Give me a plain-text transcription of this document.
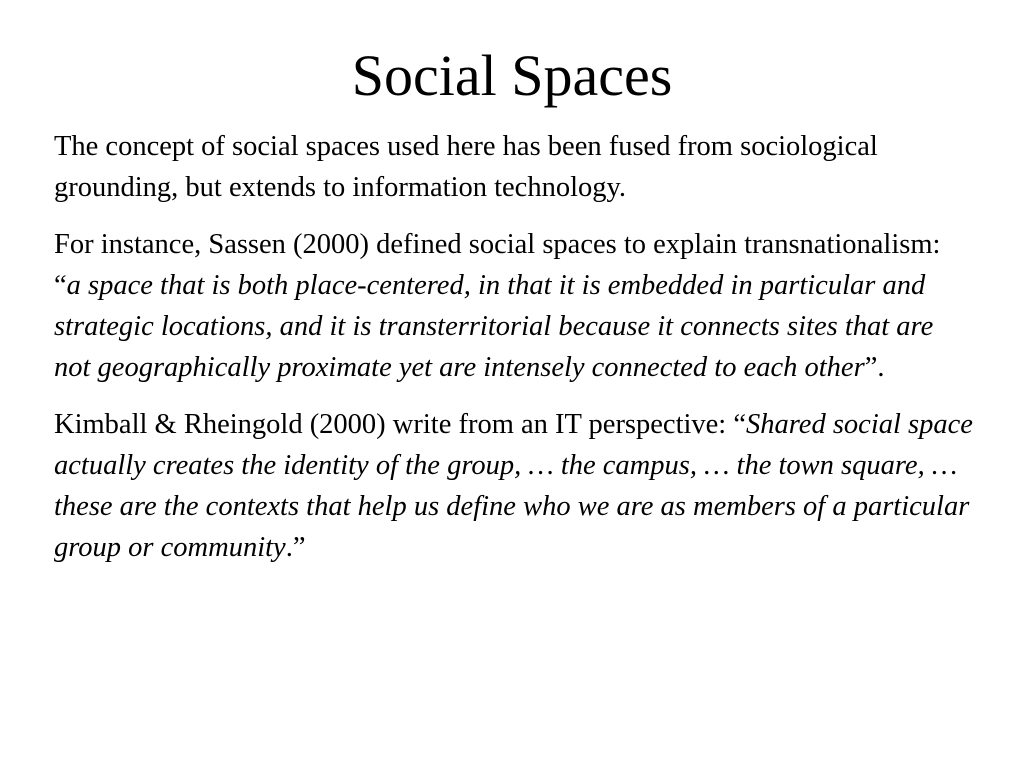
Social Spaces

The concept of social spaces used here has been fused from sociological grounding, but extends to information technology.

For instance, Sassen (2000) defined social spaces to explain transnationalism: “a space that is both place-centered, in that it is embedded in particular and strategic locations, and it is transterritorial because it connects sites that are not geographically proximate yet are intensely connected to each other”.

Kimball & Rheingold (2000) write from an IT perspective: “Shared social space actually creates the identity of the group, … the campus, … the town square, … these are the contexts that help us define who we are as members of a particular group or community.”
